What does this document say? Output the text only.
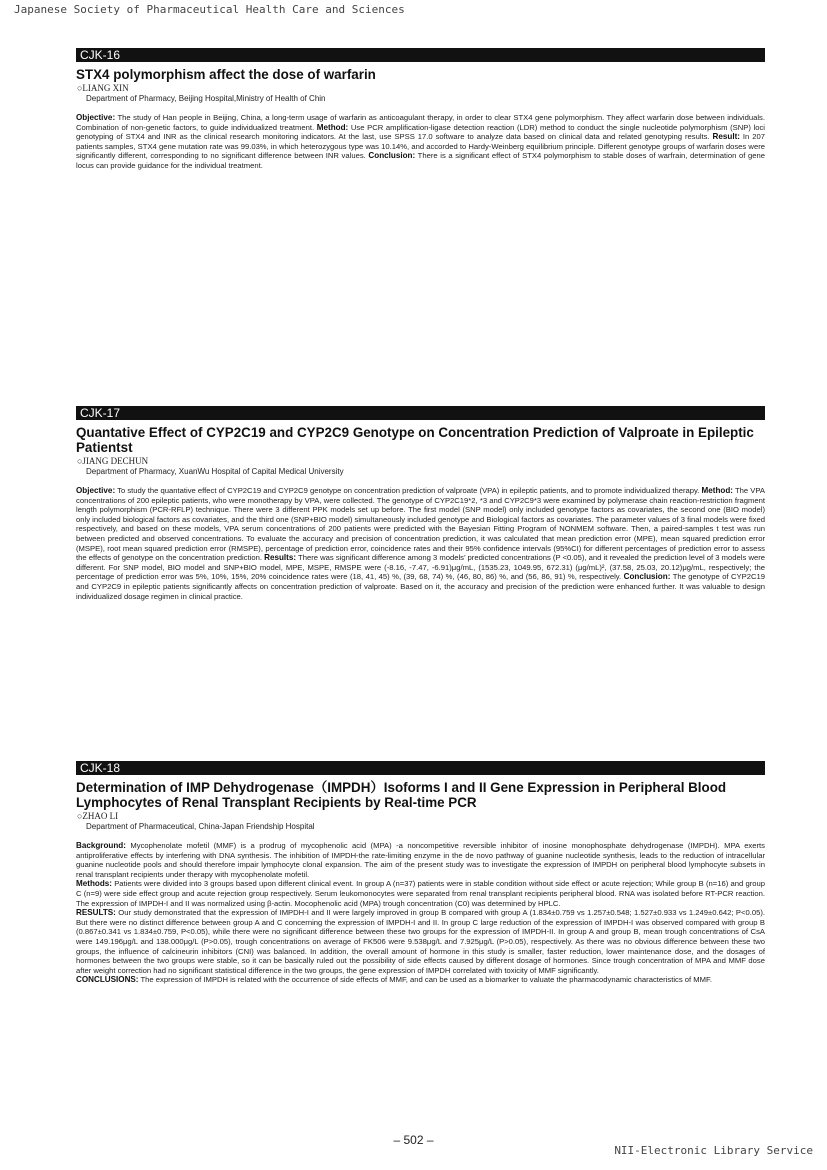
Japanese Society of Pharmaceutical Health Care and Sciences
CJK-16
STX4 polymorphism affect the dose of warfarin
○LIANG XIN
Department of Pharmacy, Beijing Hospital,Ministry of Health of Chin

Objective: The study of Han people in Beijing, China, a long-term usage of warfarin as anticoagulant therapy, in order to clear STX4 gene polymorphism. They affect warfarin dose between individuals. Combination of non-genetic factors, to guide individualized treatment. Method: Use PCR amplification-ligase detection reaction (LDR) method to conduct the single nucleotide polymorphism (SNP) loci genotyping of STX4 and INR as the clinical research monitoring indicators. At the last, use SPSS 17.0 software to analyze data based on clinical data and related genotyping results. Result: In 207 patients samples, STX4 gene mutation rate was 99.03%, in which heterozygous type was 10.14%, and accorded to Hardy-Weinberg equilibrium principle. Different genotype groups of warfarin doses were significantly different, corresponding to no significant difference between INR values. Conclusion: There is a significant effect of STX4 polymorphism to stable doses of warfrain, determination of gene locus can provide guidance for the individual treatment.

CJK-17
Quantative Effect of CYP2C19 and CYP2C9 Genotype on Concentration Prediction of Valproate in Epileptic Patientst
○JIANG DECHUN
Department of Pharmacy, XuanWu Hospital of Capital Medical University

Objective: To study the quantative effect of CYP2C19 and CYP2C9 genotype on concentration prediction of valproate (VPA) in epileptic patients, and to promote individualized therapy. Method: The VPA concentrations of 200 epileptic patients, who were monotherapy by VPA, were collected. The genotype of CYP2C19*2, *3 and CYP2C9*3 were examined by polymerase chain reaction-restriction fragment length polymorphism (PCR-RFLP) technique. There were 3 different PPK models set up before. The first model (SNP model) only included genotype factors as covariates, the second one (BIO model) only included biological factors as covariates, and the third one (SNP+BIO model) simultaneously included genotype and Biological factors as covariates. The parameter values of 3 final models were fixed respectively, and based on these models, VPA serum concentrations of 200 patients were predicted with the Bayesian Fitting Program of NONMEM software. Then, a paired-samples t test was run between predicted and observed concentrations. To evaluate the accuracy and precision of concentration prediction, it was calculated that mean prediction error (MPE), mean squared prediction error (MSPE), root mean squared prediction error (RMSPE), percentage of prediction error, coincidence rates and their 95% confidence intervals (95%CI) for different percentages of prediction error to assess the effects of genotype on the concentration prediction. Results: There was significant difference among 3 models’ predicted concentrations (P <0.05), and it revealed the prediction level of 3 models were different. For SNP model, BIO model and SNP+BIO model, MPE, MSPE, RMSPE were (-8.16, -7.47, -6.91)μg/mL, (1535.23, 1049.95, 672.31) (μg/mL)², (37.58, 25.03, 20.12)μg/mL, respectively; the percentage of prediction error was 5%, 10%, 15%, 20% coincidence rates were (18, 41, 45) %, (39, 68, 74) %, (46, 80, 86) %, and (56, 86, 91) %, respectively. Conclusion: The genotype of CYP2C19 and CYP2C9 in epileptic patients significantly affects on concentration prediction of valproate. Based on it, the accuracy and precision of the prediction were enhanced further. It was valuable to design individualized dosage regimen in clinical practice.

CJK-18
Determination of IMP Dehydrogenase（IMPDH）Isoforms I and II Gene Expression in Peripheral Blood Lymphocytes of Renal Transplant Recipients by Real-time PCR
○ZHAO LI
Department of Pharmaceutical, China-Japan Friendship Hospital

Background: Mycophenolate mofetil (MMF) is a prodrug of mycophenolic acid (MPA) -a noncompetitive reversible inhibitor of inosine monophosphate dehydrogenase (IMPDH). MPA exerts antiproliferative effects by interfering with DNA synthesis. The inhibition of IMPDH-the rate-limiting enzyme in the de novo pathway of guanine nucleotide synthesis, leads to the reduction of intracellular guanine nucleotide pools and should therefore impair lymphocyte clonal expansion. The aim of the present study was to investigate the expression of IMPDH on peripheral blood lymphocyte subsets in renal transplant recipients under therapy with mycophenolate mofetil.

Methods: Patients were divided into 3 groups based upon different clinical event. In group A (n=37) patients were in stable condition without side effect or acute rejection; While group B (n=16) and group C (n=9) were side effect group and acute rejection group respectively. Serum leukomonocytes were separated from renal transplant recipients peripheral blood. RNA was isolated before RT-PCR reaction. The expression of IMPDH-I and II was normalized using β-actin. Mocophenolic acid (MPA) trough concentration (C0) was determined by HPLC.

RESULTS: Our study demonstrated that the expression of IMPDH-I and II were largely improved in group B compared with group A (1.834±0.759 vs 1.257±0.548; 1.527±0.933 vs 1.249±0.642; P<0.05). But there were no distinct difference between group A and C concerning the expression of IMPDH-I and II. In group C large reduction of the expression of IMPDH-I was observed compared with group B (0.867±0.341 vs 1.834±0.759, P<0.05), while there were no significant difference between these two groups for the expression of IMPDH-II. In group A and group B, mean trough concentrations of CsA were 149.196μg/L and 138.000μg/L (P>0.05), trough concentrations on average of FK506 were 9.538μg/L and 7.925μg/L (P>0.05), respectively. As there was no obvious difference between these two groups, the influence of calcineurin inhibitors (CNI) was balanced. In addition, the overall amount of hormone in this study is smaller, faster reduction, lower maintenance dose, and the dosages of hormones between the two groups were stable, so it can be basically ruled out the possibility of side effects caused by different dosage of hormones. Since trough concentration of MPA and MMF dose after weight correction had no significant statistical difference in the two groups, the gene expression of IMPDH correlated with toxicity of MMF significantly.

CONCLUSIONS: The expression of IMPDH is related with the occurrence of side effects of MMF, and can be used as a biomarker to valuate the pharmacodynamic characteristics of MMF.

– 502 –
NII-Electronic Library Service
